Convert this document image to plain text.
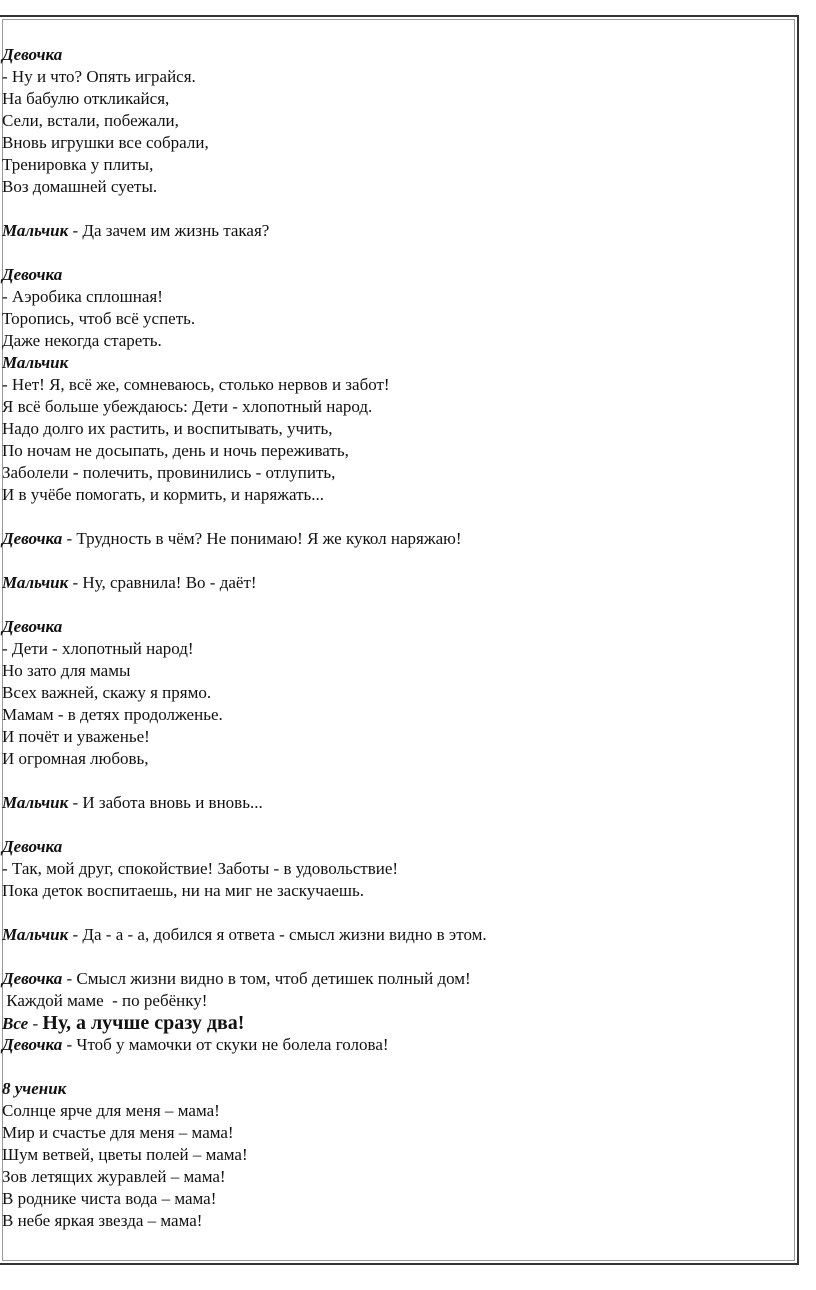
Девочка
- Ну и что? Опять играйся.
На бабулю откликайся,
Сели, встали, побежали,
Вновь игрушки все собрали,
Тренировка у плиты,
Воз домашней суеты.
Мальчик - Да зачем им жизнь такая?
Девочка
- Аэробика сплошная!
Торопись, чтоб всё успеть.
Даже некогда стареть.
Мальчик
- Нет! Я, всё же, сомневаюсь, столько нервов и забот!
Я всё больше убеждаюсь: Дети - хлопотный народ.
Надо долго их растить, и воспитывать, учить,
По ночам не досыпать, день и ночь переживать,
Заболели - полечить, провинились - отлупить,
И в учёбе помогать, и кормить, и наряжать...
Девочка - Трудность в чём? Не понимаю! Я же кукол наряжаю!
Мальчик - Ну, сравнила! Во - даёт!
Девочка
- Дети - хлопотный народ!
Но зато для мамы
Всех важней, скажу я прямо.
Мамам - в детях продолженье.
И почёт и уваженье!
И огромная любовь,
Мальчик - И забота вновь и вновь...
Девочка
- Так, мой друг, спокойствие! Заботы - в удовольствие!
Пока деток воспитаешь, ни на миг не заскучаешь.
Мальчик - Да - а - а, добился я ответа - смысл жизни видно в этом.
Девочка - Смысл жизни видно в том, чтоб детишек полный дом!
Каждой маме  - по ребёнку!
Все - Ну, а лучше сразу два!
Девочка - Чтоб у мамочки от скуки не болела голова!
8 ученик
Солнце ярче для меня – мама!
Мир и счастье для меня – мама!
Шум ветвей, цветы полей – мама!
Зов летящих журавлей – мама!
В роднике чиста вода – мама!
В небе яркая звезда – мама!
